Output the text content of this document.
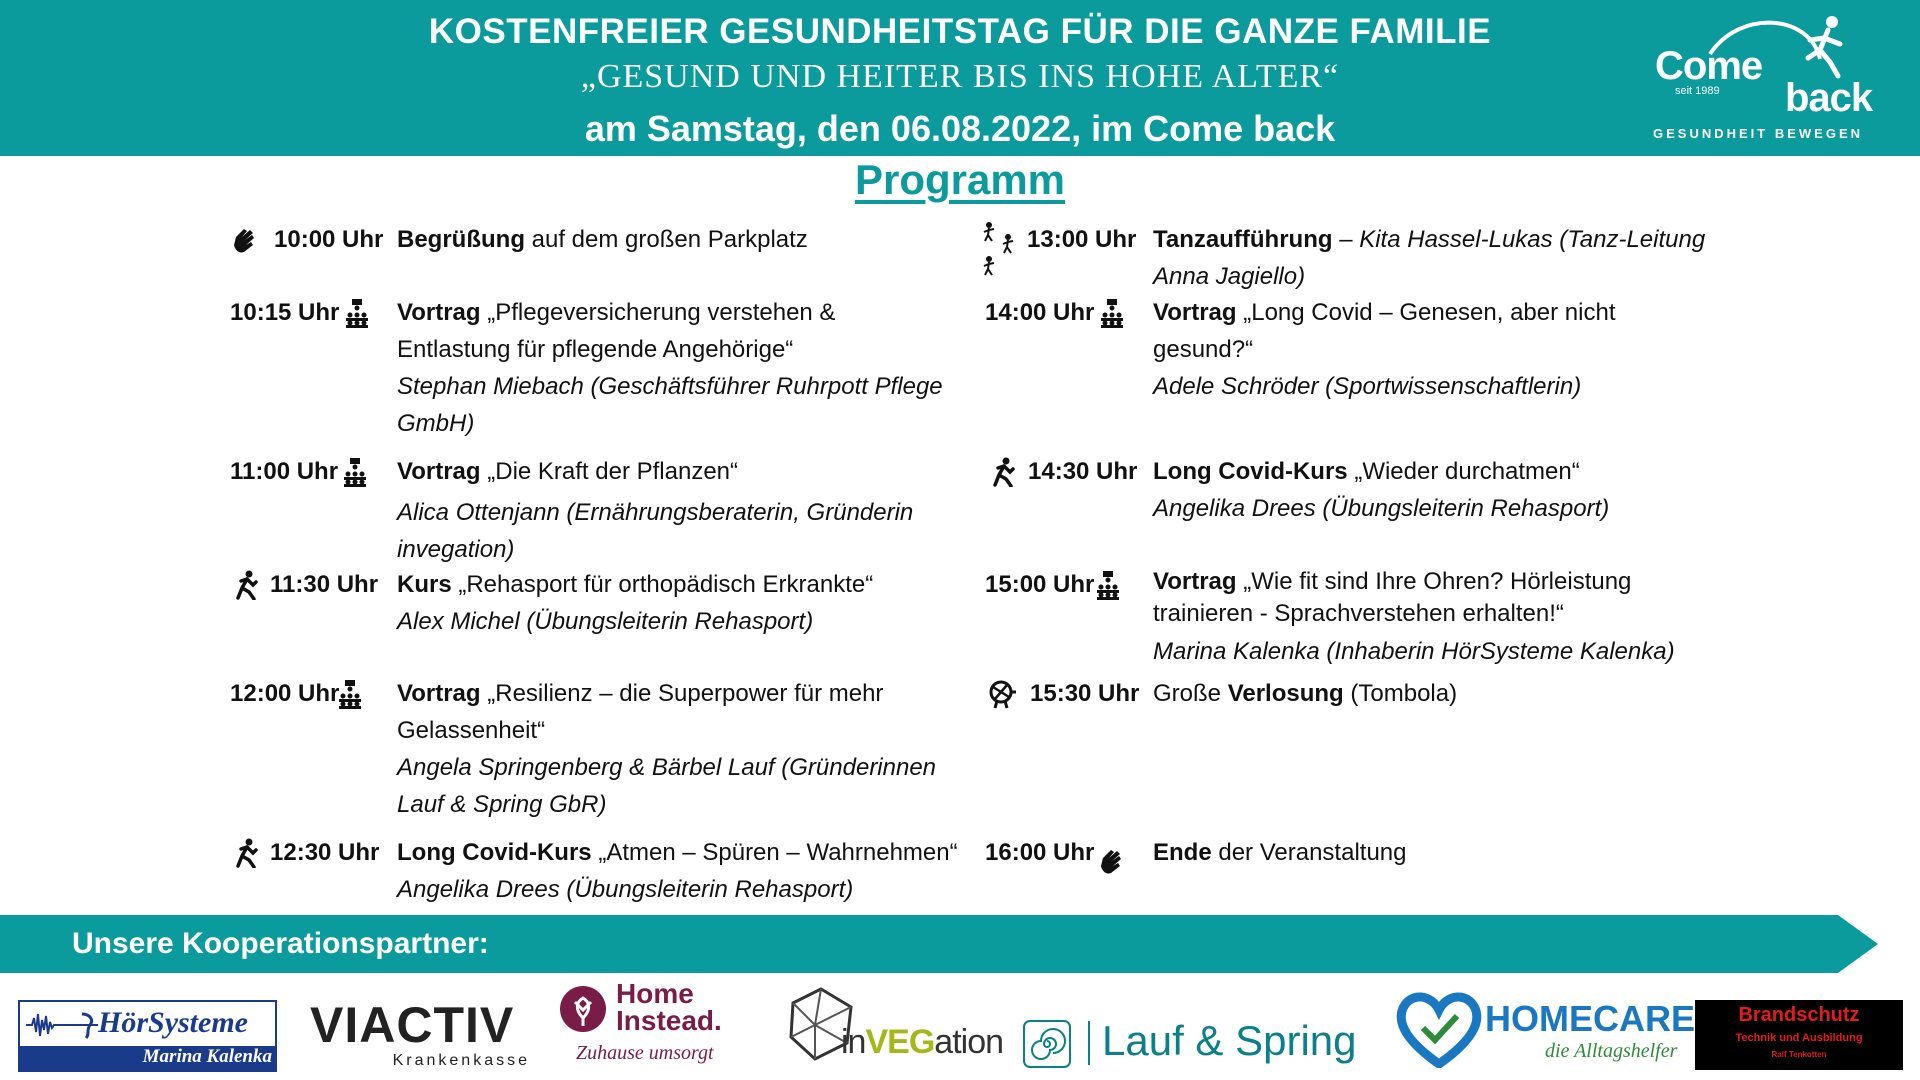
KOSTENFREIER GESUNDHEITSTAG FÜR DIE GANZE FAMILIE
„GESUND UND HEITER BIS INS HOHE ALTER“
am Samstag, den 06.08.2022, im Come back
Come
seit 1989 back
GESUNDHEIT BEWEGEN
Programm
10:00 Uhr Begrüßung auf dem großen Parkplatz
10:15 Uhr Vortrag „Pflegeversicherung verstehen &
Entlastung für pflegende Angehörige“
Stephan Miebach (Geschäftsführer Ruhrpott Pflege
GmbH)
11:00 Uhr Vortrag „Die Kraft der Pflanzen“
Alica Ottenjann (Ernährungsberaterin, Gründerin
invegation)
11:30 Uhr Kurs „Rehasport für orthopädisch Erkrankte“
Alex Michel (Übungsleiterin Rehasport)
12:00 Uhr Vortrag „Resilienz – die Superpower für mehr
Gelassenheit“
Angela Springenberg & Bärbel Lauf (Gründerinnen
Lauf & Spring GbR)
12:30 Uhr Long Covid-Kurs „Atmen – Spüren – Wahrnehmen“
Angelika Drees (Übungsleiterin Rehasport)
13:00 Uhr Tanzaufführung – Kita Hassel-Lukas (Tanz-Leitung
Anna Jagiello)
14:00 Uhr Vortrag „Long Covid – Genesen, aber nicht
gesund?“
Adele Schröder (Sportwissenschaftlerin)
14:30 Uhr Long Covid-Kurs „Wieder durchatmen“
Angelika Drees (Übungsleiterin Rehasport)
15:00 Uhr Vortrag „Wie fit sind Ihre Ohren? Hörleistung
trainieren - Sprachverstehen erhalten!“
Marina Kalenka (Inhaberin HörSysteme Kalenka)
15:30 Uhr Große Verlosung (Tombola)
16:00 Uhr Ende der Veranstaltung
Unsere Kooperationspartner:
HörSysteme
Marina Kalenka
VIACTIV
Krankenkasse
Home
Instead.
Zuhause umsorgt	inVEGation Lauf & Spring	HOMECARE
die Alltagshelfer
Brandschutz
Technik und Ausbildung
Ralf Tenkotten
